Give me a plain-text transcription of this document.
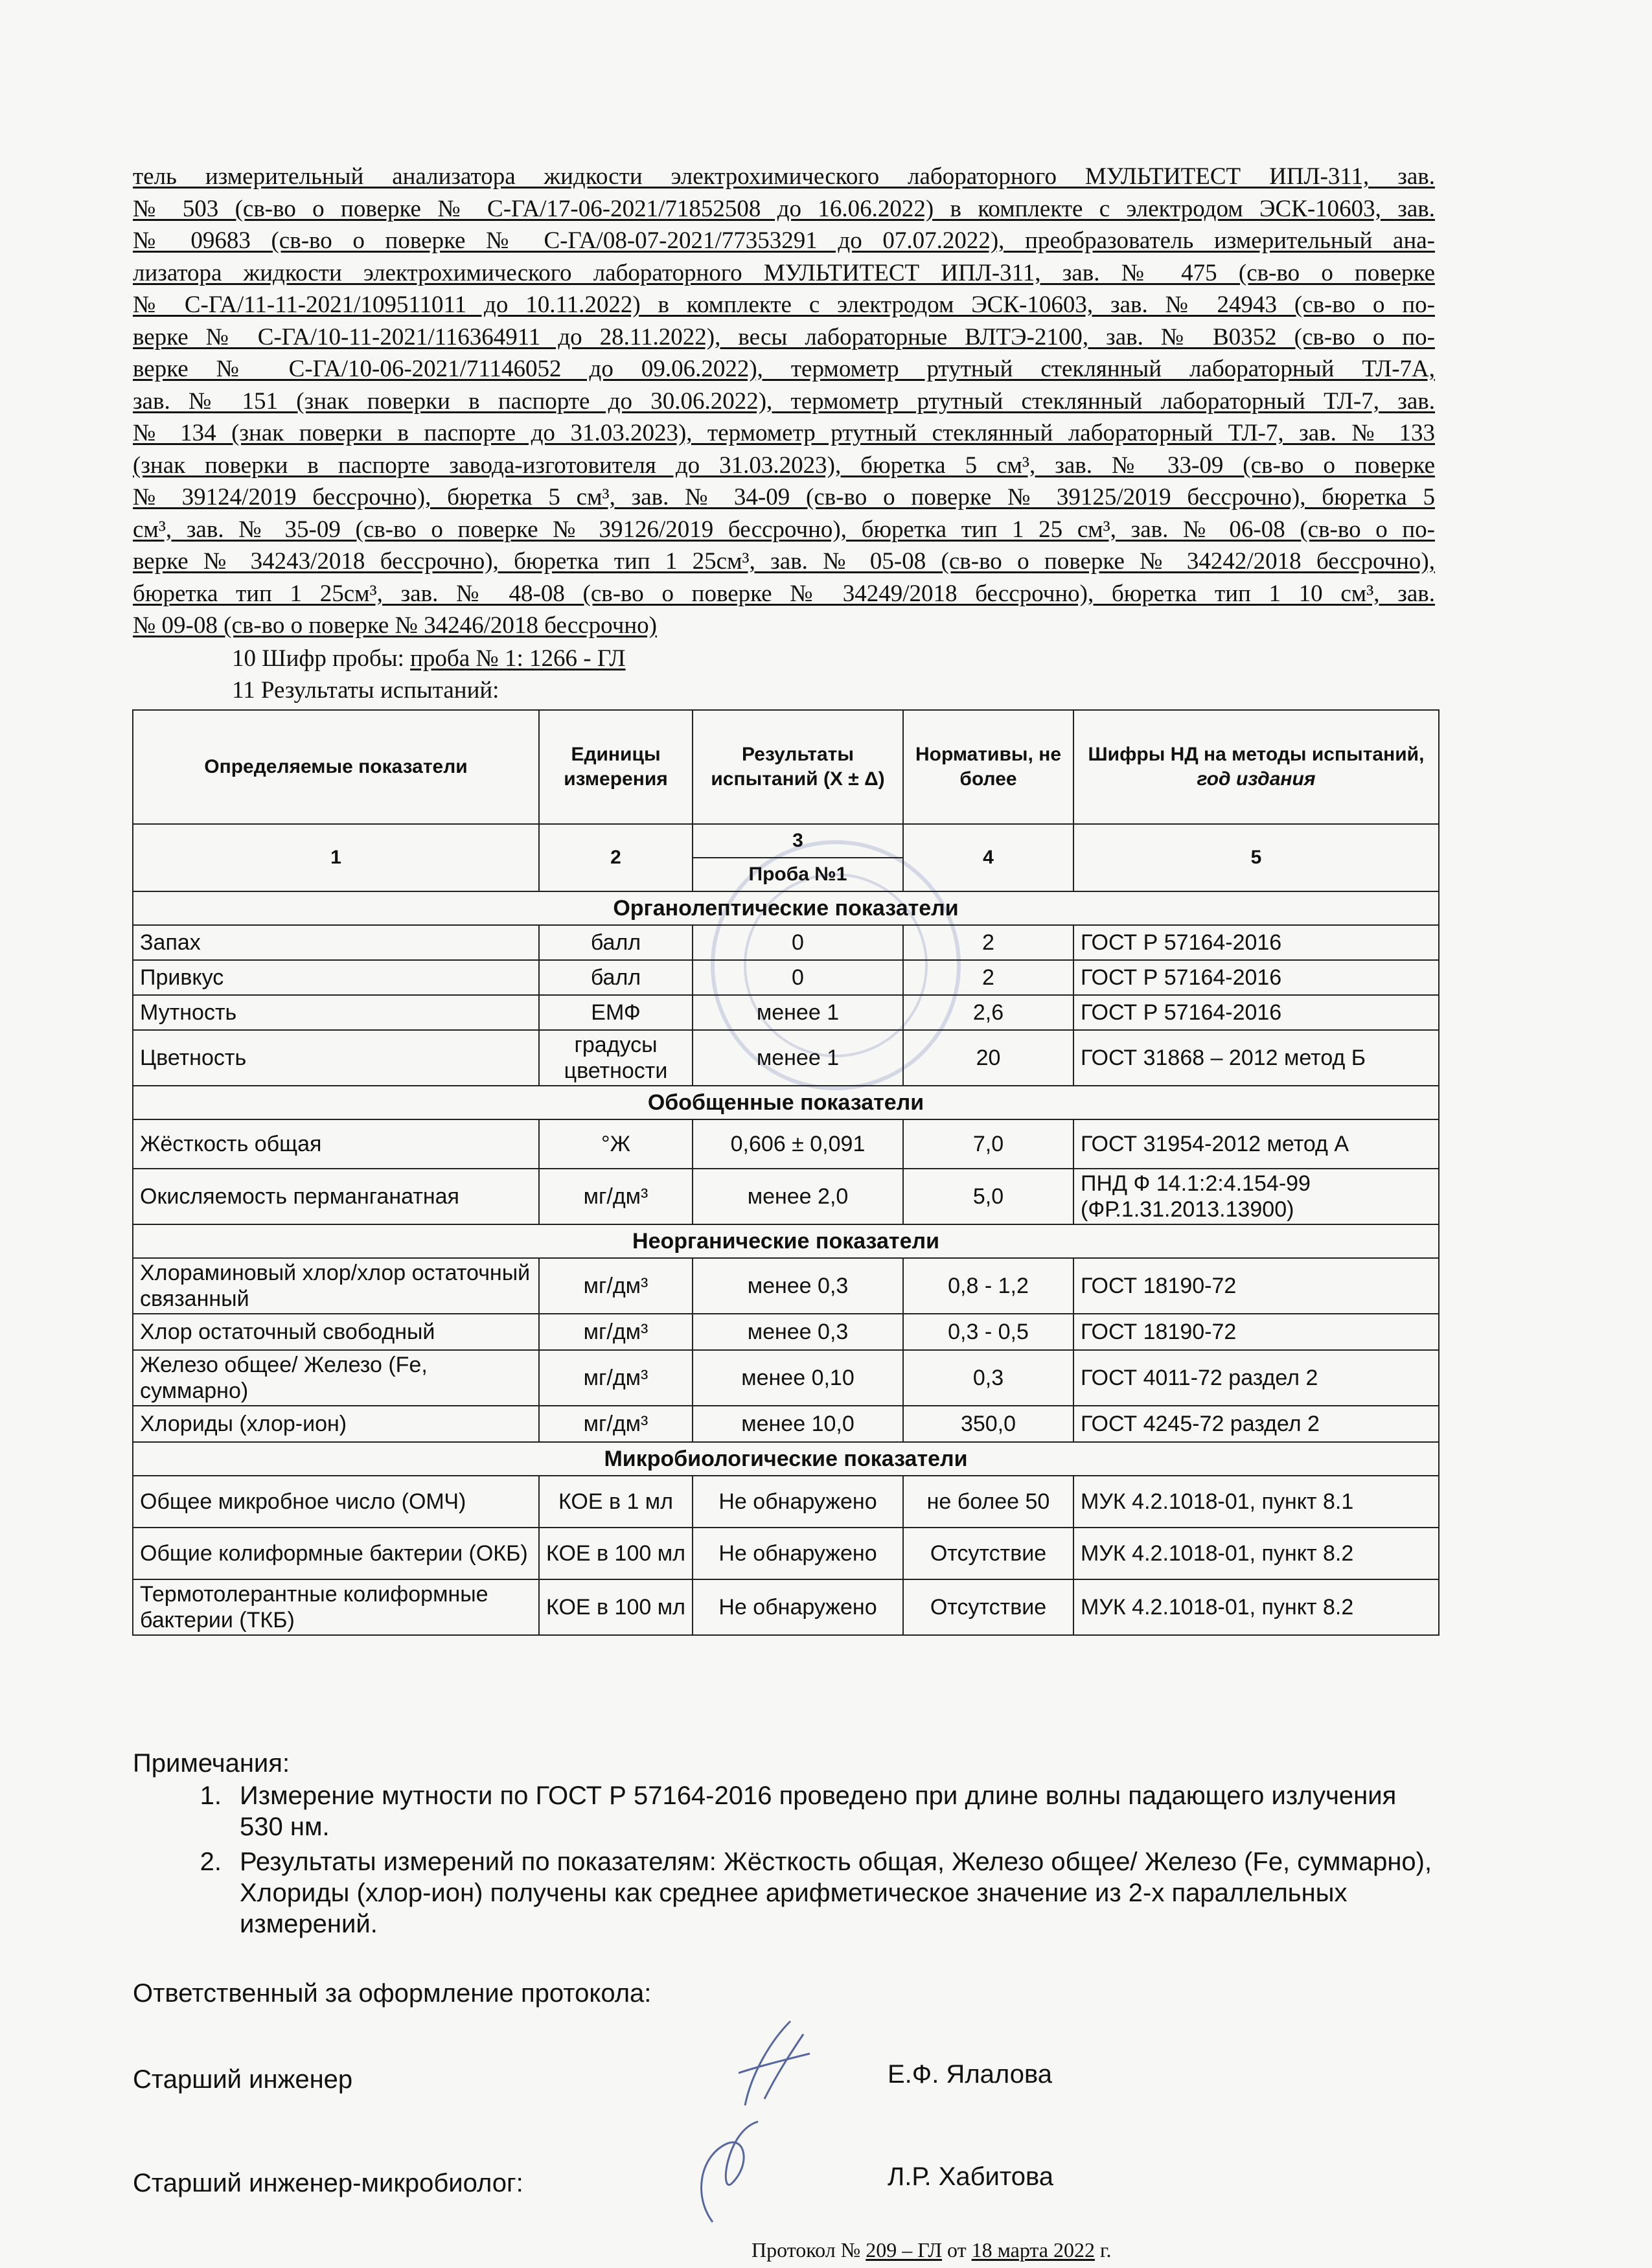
тель измерительный анализатора жидкости электрохимического лабораторного МУЛЬТИТЕСТ ИПЛ-311, зав.
№ 503 (св-во о поверке № С-ГА/17-06-2021/71852508 до 16.06.2022) в комплекте с электродом ЭСК-10603, зав.
№ 09683 (св-во о поверке № С-ГА/08-07-2021/77353291 до 07.07.2022), преобразователь измерительный ана-
лизатора жидкости электрохимического лабораторного МУЛЬТИТЕСТ ИПЛ-311, зав. № 475 (св-во о поверке
№ С-ГА/11-11-2021/109511011 до 10.11.2022) в комплекте с электродом ЭСК-10603, зав. № 24943 (св-во о по-
верке № С-ГА/10-11-2021/116364911 до 28.11.2022), весы лабораторные ВЛТЭ-2100, зав. № В0352 (св-во о по-
верке № С-ГА/10-06-2021/71146052 до 09.06.2022), термометр ртутный стеклянный лабораторный ТЛ-7А,
зав. № 151 (знак поверки в паспорте до 30.06.2022), термометр ртутный стеклянный лабораторный ТЛ-7, зав.
№ 134 (знак поверки в паспорте до 31.03.2023), термометр ртутный стеклянный лабораторный ТЛ-7, зав. № 133
(знак поверки в паспорте завода-изготовителя до 31.03.2023), бюретка 5 см³, зав. № 33-09 (св-во о поверке
№ 39124/2019 бессрочно), бюретка 5 см³, зав. № 34-09 (св-во о поверке № 39125/2019 бессрочно), бюретка 5
см³, зав. № 35-09 (св-во о поверке № 39126/2019 бессрочно), бюретка тип 1 25 см³, зав. № 06-08 (св-во о по-
верке № 34243/2018 бессрочно), бюретка тип 1 25см³, зав. № 05-08 (св-во о поверке № 34242/2018 бессрочно),
бюретка тип 1 25см³, зав. № 48-08 (св-во о поверке № 34249/2018 бессрочно), бюретка тип 1 10 см³, зав.
№ 09-08 (св-во о поверке № 34246/2018 бессрочно)
10 Шифр пробы: проба № 1: 1266 - ГЛ
11 Результаты испытаний:
Определяемые показатели	Единицы измерения	Результаты испытаний (X ± Δ)	Нормативы, не более	Шифры НД на методы испытаний, год издания
1	2	3	4	5
		Проба №1		
Органолептические показатели				
Запах	балл	0	2	ГОСТ Р 57164-2016
Привкус	балл	0	2	ГОСТ Р 57164-2016
Мутность	ЕМФ	менее 1	2,6	ГОСТ Р 57164-2016
Цветность	градусы цветности	менее 1	20	ГОСТ 31868 – 2012 метод Б
Обобщенные показатели				
Жёсткость общая	°Ж	0,606 ± 0,091	7,0	ГОСТ 31954-2012 метод А
Окисляемость перманганатная	мг/дм³	менее 2,0	5,0	ПНД Ф 14.1:2:4.154-99 (ФР.1.31.2013.13900)
Неорганические показатели				
Хлораминовый хлор/хлор остаточный связанный	мг/дм³	менее 0,3	0,8 - 1,2	ГОСТ 18190-72
Хлор остаточный свободный	мг/дм³	менее 0,3	0,3 - 0,5	ГОСТ 18190-72
Железо общее/ Железо (Fe, суммарно)	мг/дм³	менее 0,10	0,3	ГОСТ 4011-72 раздел 2
Хлориды (хлор-ион)	мг/дм³	менее 10,0	350,0	ГОСТ 4245-72 раздел 2
Микробиологические показатели				
Общее микробное число (ОМЧ)	КОЕ в 1 мл	Не обнаружено	не более 50	МУК 4.2.1018-01, пункт 8.1
Общие колиформные бактерии (ОКБ)	КОЕ в 100 мл	Не обнаружено	Отсутствие	МУК 4.2.1018-01, пункт 8.2
Термотолерантные колиформные бактерии (ТКБ)	КОЕ в 100 мл	Не обнаружено	Отсутствие	МУК 4.2.1018-01, пункт 8.2
Примечания:
1. Измерение мутности по ГОСТ Р 57164-2016 проведено при длине волны падающего излучения 530 нм.
2. Результаты измерений по показателям: Жёсткость общая, Железо общее/ Железо (Fe, суммарно), Хлориды (хлор-ион) получены как среднее арифметическое значение из 2-х параллельных измерений.
Ответственный за оформление протокола:
Старший инженер	Е.Ф. Ялалова
Старший инженер-микробиолог:	Л.Р. Хабитова
Протокол № 209 – ГЛ от 18 марта 2022 г.
